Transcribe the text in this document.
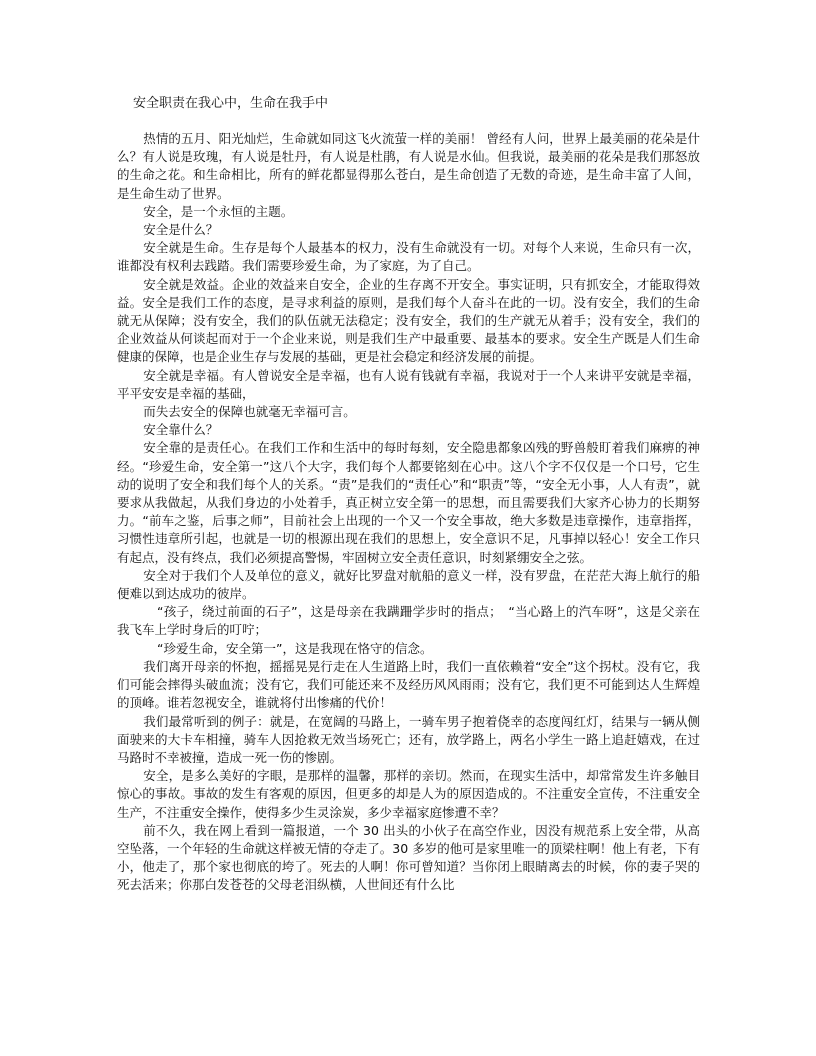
安全职责在我心中，生命在我手中

热情的五月、阳光灿烂，生命就如同这飞火流萤一样的美丽！ 曾经有人问，世界上最美丽的花朵是什么？有人说是玫瑰，有人说是牡丹，有人说是杜鹃，有人说是水仙。但我说，最美丽的花朵是我们那怒放的生命之花。和生命相比，所有的鲜花都显得那么苍白，是生命创造了无数的奇迹，是生命丰富了人间，是生命生动了世界。

安全，是一个永恒的主题。

安全是什么？

安全就是生命。生存是每个人最基本的权力，没有生命就没有一切。对每个人来说，生命只有一次，谁都没有权利去践踏。我们需要珍爱生命，为了家庭，为了自己。

安全就是效益。企业的效益来自安全，企业的生存离不开安全。事实证明，只有抓安全，才能取得效益。安全是我们工作的态度，是寻求利益的原则，是我们每个人奋斗在此的一切。没有安全，我们的生命就无从保障；没有安全，我们的队伍就无法稳定；没有安全，我们的生产就无从着手；没有安全，我们的企业效益从何谈起而对于一个企业来说，则是我们生产中最重要、最基本的要求。安全生产既是人们生命健康的保障，也是企业生存与发展的基础，更是社会稳定和经济发展的前提。

安全就是幸福。有人曾说安全是幸福，也有人说有钱就有幸福，我说对于一个人来讲平安就是幸福，平平安安是幸福的基础，

而失去安全的保障也就毫无幸福可言。

安全靠什么？

安全靠的是责任心。在我们工作和生活中的每时每刻，安全隐患都象凶残的野兽般盯着我们麻痹的神经。“珍爱生命，安全第一”这八个大字，我们每个人都要铭刻在心中。这八个字不仅仅是一个口号，它生动的说明了安全和我们每个人的关系。“责”是我们的“责任心”和“职责”等，“安全无小事，人人有责”，就要求从我做起，从我们身边的小处着手，真正树立安全第一的思想，而且需要我们大家齐心协力的长期努力。“前车之鉴，后事之师”，目前社会上出现的一个又一个安全事故，绝大多数是违章操作，违章指挥，习惯性违章所引起，也就是一切的根源出现在我们的思想上，安全意识不足，凡事掉以轻心！安全工作只有起点，没有终点，我们必须提高警惕，牢固树立安全责任意识，时刻紧绷安全之弦。

安全对于我们个人及单位的意义，就好比罗盘对航船的意义一样，没有罗盘，在茫茫大海上航行的船便难以到达成功的彼岸。

“孩子，绕过前面的石子”，这是母亲在我蹒跚学步时的指点；　“当心路上的汽车呀”，这是父亲在我飞车上学时身后的叮咛；

“珍爱生命，安全第一”，这是我现在恪守的信念。

我们离开母亲的怀抱，摇摇晃晃行走在人生道路上时，我们一直依赖着“安全”这个拐杖。没有它，我们可能会摔得头破血流；没有它，我们可能还来不及经历风风雨雨；没有它，我们更不可能到达人生辉煌的顶峰。谁若忽视安全，谁就将付出惨痛的代价！

我们最常听到的例子：就是，在宽阔的马路上，一骑车男子抱着侥幸的态度闯红灯，结果与一辆从侧面驶来的大卡车相撞，骑车人因抢救无效当场死亡；还有，放学路上，两名小学生一路上追赶嬉戏，在过马路时不幸被撞，造成一死一伤的惨剧。

安全，是多么美好的字眼，是那样的温馨，那样的亲切。然而，在现实生活中，却常常发生许多触目惊心的事故。事故的发生有客观的原因，但更多的却是人为的原因造成的。不注重安全宣传，不注重安全生产，不注重安全操作，使得多少生灵涂炭，多少幸福家庭惨遭不幸？

前不久，我在网上看到一篇报道，一个 30 出头的小伙子在高空作业，因没有规范系上安全带，从高空坠落，一个年轻的生命就这样被无情的夺走了。30 多岁的他可是家里唯一的顶梁柱啊！他上有老，下有小，他走了，那个家也彻底的垮了。死去的人啊！你可曾知道？当你闭上眼睛离去的时候，你的妻子哭的死去活来；你那白发苍苍的父母老泪纵横，人世间还有什么比
